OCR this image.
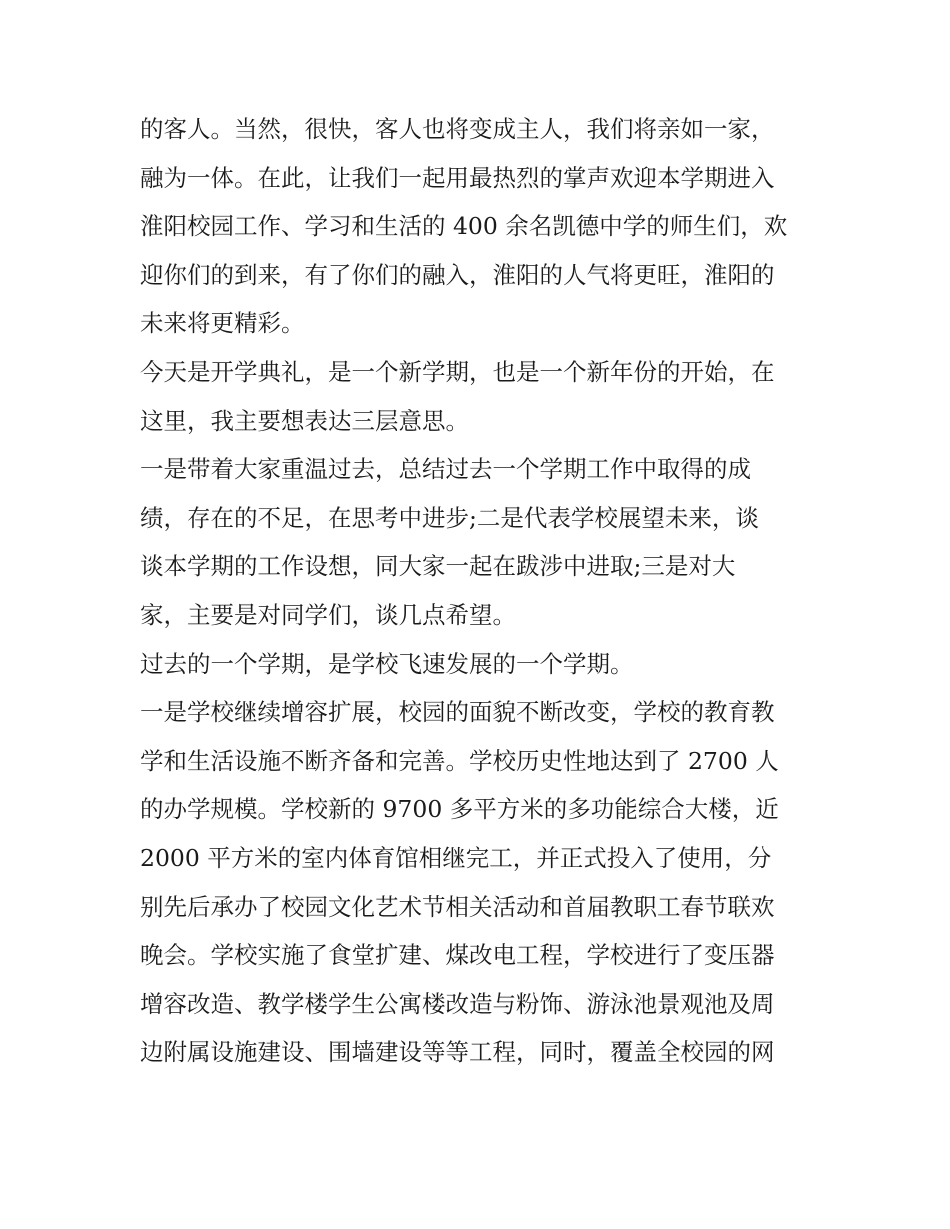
的客人。当然，很快，客人也将变成主人，我们将亲如一家，
融为一体。在此，让我们一起用最热烈的掌声欢迎本学期进入
淮阳校园工作、学习和生活的 400 余名凯德中学的师生们，欢
迎你们的到来，有了你们的融入，淮阳的人气将更旺，淮阳的
未来将更精彩。
今天是开学典礼，是一个新学期，也是一个新年份的开始，在
这里，我主要想表达三层意思。
一是带着大家重温过去，总结过去一个学期工作中取得的成
绩，存在的不足，在思考中进步;二是代表学校展望未来，谈
谈本学期的工作设想，同大家一起在跋涉中进取;三是对大
家，主要是对同学们，谈几点希望。
过去的一个学期，是学校飞速发展的一个学期。
一是学校继续增容扩展，校园的面貌不断改变，学校的教育教
学和生活设施不断齐备和完善。学校历史性地达到了 2700 人
的办学规模。学校新的 9700 多平方米的多功能综合大楼，近
2000 平方米的室内体育馆相继完工，并正式投入了使用，分
别先后承办了校园文化艺术节相关活动和首届教职工春节联欢
晚会。学校实施了食堂扩建、煤改电工程，学校进行了变压器
增容改造、教学楼学生公寓楼改造与粉饰、游泳池景观池及周
边附属设施建设、围墙建设等等工程，同时，覆盖全校园的网
